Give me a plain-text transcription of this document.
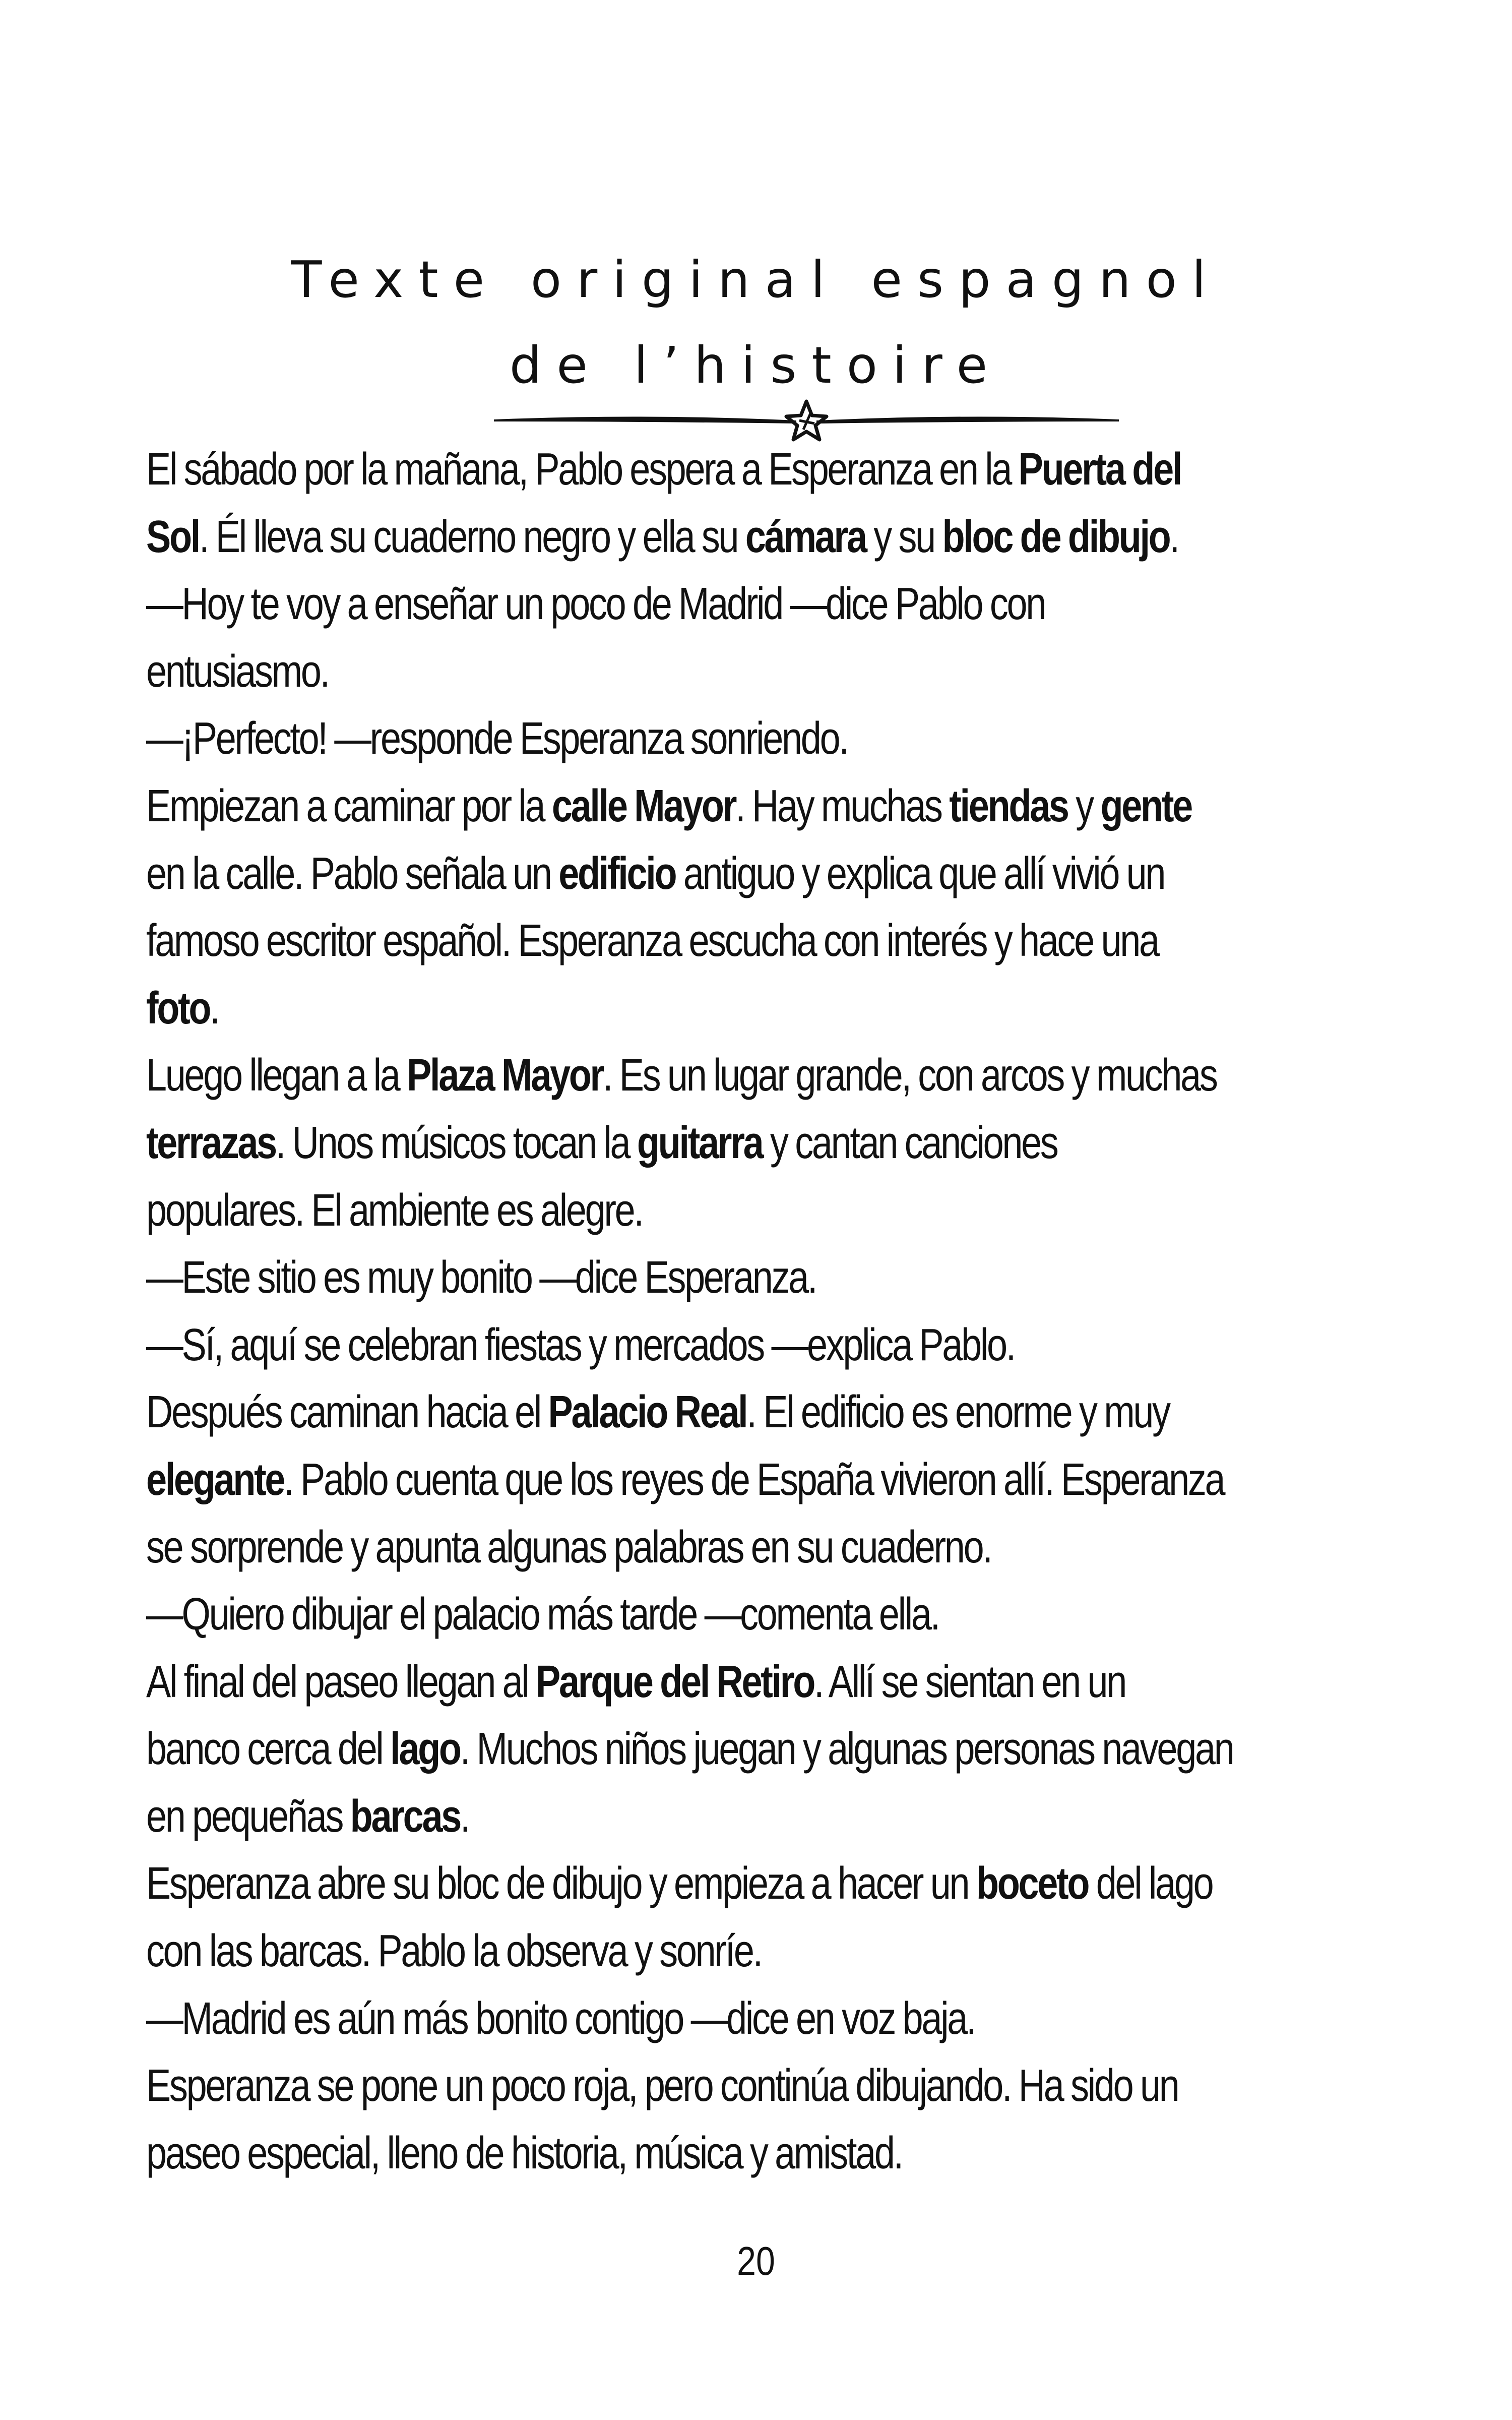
Texte original espagnol
de l’histoire

El sábado por la mañana, Pablo espera a Esperanza en la Puerta del

Sol. Él lleva su cuaderno negro y ella su cámara y su bloc de dibujo.

—Hoy te voy a enseñar un poco de Madrid —dice Pablo con

entusiasmo.

—¡Perfecto! —responde Esperanza sonriendo.

Empiezan a caminar por la calle Mayor. Hay muchas tiendas y gente

en la calle. Pablo señala un edificio antiguo y explica que allí vivió un

famoso escritor español. Esperanza escucha con interés y hace una

foto.

Luego llegan a la Plaza Mayor. Es un lugar grande, con arcos y muchas

terrazas. Unos músicos tocan la guitarra y cantan canciones

populares. El ambiente es alegre.

—Este sitio es muy bonito —dice Esperanza.

—Sí, aquí se celebran fiestas y mercados —explica Pablo.

Después caminan hacia el Palacio Real. El edificio es enorme y muy

elegante. Pablo cuenta que los reyes de España vivieron allí. Esperanza

se sorprende y apunta algunas palabras en su cuaderno.

—Quiero dibujar el palacio más tarde —comenta ella.

Al final del paseo llegan al Parque del Retiro. Allí se sientan en un

banco cerca del lago. Muchos niños juegan y algunas personas navegan

en pequeñas barcas.

Esperanza abre su bloc de dibujo y empieza a hacer un boceto del lago

con las barcas. Pablo la observa y sonríe.

—Madrid es aún más bonito contigo —dice en voz baja.

Esperanza se pone un poco roja, pero continúa dibujando. Ha sido un

paseo especial, lleno de historia, música y amistad.

20
